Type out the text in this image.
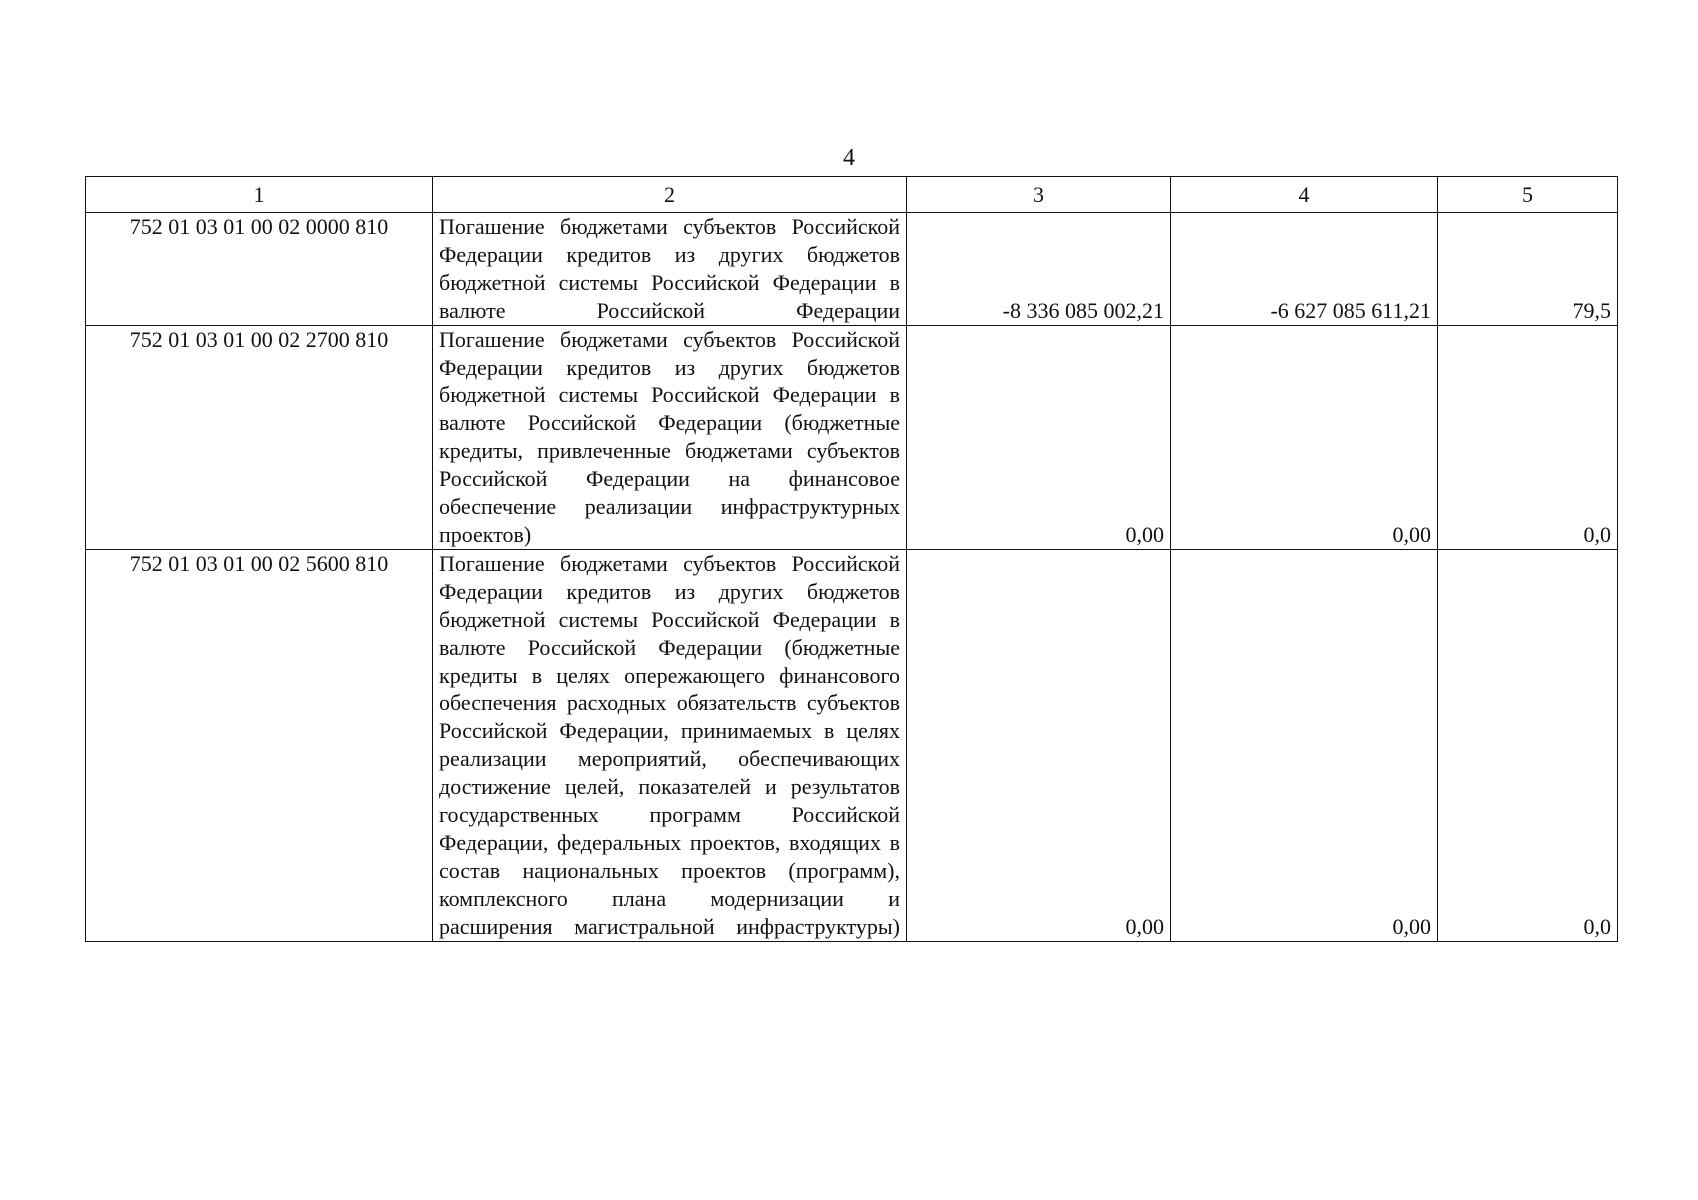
4
1	2	3	4	5
752 01 03 01 00 02 0000 810	Погашение бюджетами субъектов Российской Федерации кредитов из других бюджетов бюджетной системы Российской Федерации в валюте Российской Федерации	-8 336 085 002,21	-6 627 085 611,21	79,5
752 01 03 01 00 02 2700 810	Погашение бюджетами субъектов Российской Федерации кредитов из других бюджетов бюджетной системы Российской Федерации в валюте Российской Федерации (бюджетные кредиты, привлеченные бюджетами субъектов Российской Федерации на финансовое обеспечение реализации инфраструктурных проектов)	0,00	0,00	0,0
752 01 03 01 00 02 5600 810	Погашение бюджетами субъектов Российской Федерации кредитов из других бюджетов бюджетной системы Российской Федерации в валюте Российской Федерации (бюджетные кредиты в целях опережающего финансового обеспечения расходных обязательств субъектов Российской Федерации, принимаемых в целях реализации мероприятий, обеспечивающих достижение целей, показателей и результатов государственных программ Российской Федерации, федеральных проектов, входящих в состав национальных проектов (программ), комплексного плана модернизации и расширения магистральной инфраструктуры)	0,00	0,00	0,0
